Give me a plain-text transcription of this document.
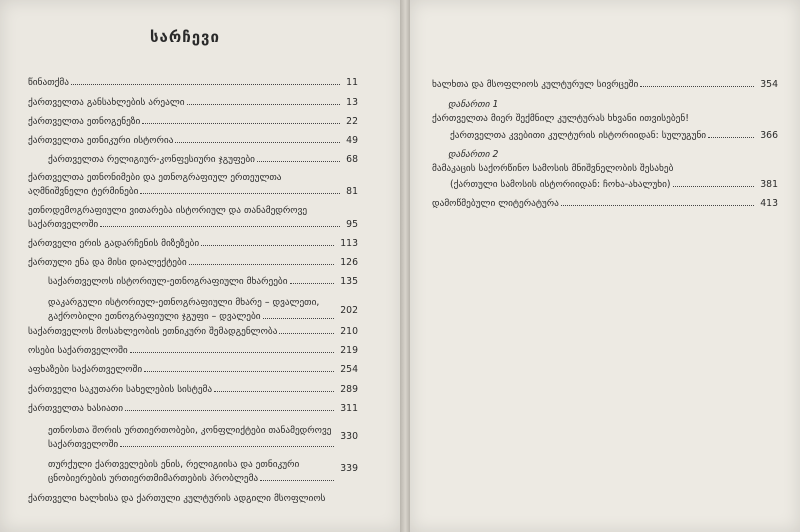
სარჩევი
წინათქმა	11
ქართველთა განსახლების არეალი	13
ქართველთა ეთნოგენეზი	22
ქართველთა ეთნიკური ისტორია	49
ქართველთა რელიგიურ-კონფესიური ჯგუფები	68
ქართველთა ეთნონიმები და ეთნოგრაფიულ ერთეულთა
აღმნიშვნელი ტერმინები	81
ეთნოდემოგრაფიული ვითარება ისტორიულ და თანამედროვე
საქართველოში	95
ქართველი ერის გადარჩენის მიზეზები	113
ქართული ენა და მისი დიალექტები	126
საქართველოს ისტორიულ-ეთნოგრაფიული მხარეები	135
დაკარგული ისტორიულ-ეთნოგრაფიული მხარე – დვალეთი,
გაქრობილი ეთნოგრაფიული ჯგუფი – დვალები
202
საქართველოს მოსახლეობის ეთნიკური შემადგენლობა	210
ოსები საქართველოში	219
აფხაზები საქართველოში	254
ქართველი საკუთარი სახელების სისტემა	289
ქართველთა ხასიათი	311
ეთნოსთა შორის ურთიერთობები, კონფლიქტები თანამედროვე
საქართველოში
330
თურქული ქართველების ენის, რელიგიისა და ეთნიკური
ცნობიერების ურთიერთმიმართების პრობლემა
339
ქართველი ხალხისა და ქართული კულტურის ადგილი მსოფლიოს
ხალხთა და მსოფლიოს კულტურულ სივრცეში	354
დანართი 1
ქართველთა მიერ შექმნილ კულტურას ხხვანი ითვისებენ!
ქართველთა კვებითი კულტურის ისტორიიდან: სულუგუნი	366
დანართი 2
მამაკაცის საქორწინო სამოსის მნიშვნელობის შესახებ
(ქართული სამოსის ისტორიიდან: ჩოხა-ახალუხი)	381
დამოწმებული ლიტერატურა	413
